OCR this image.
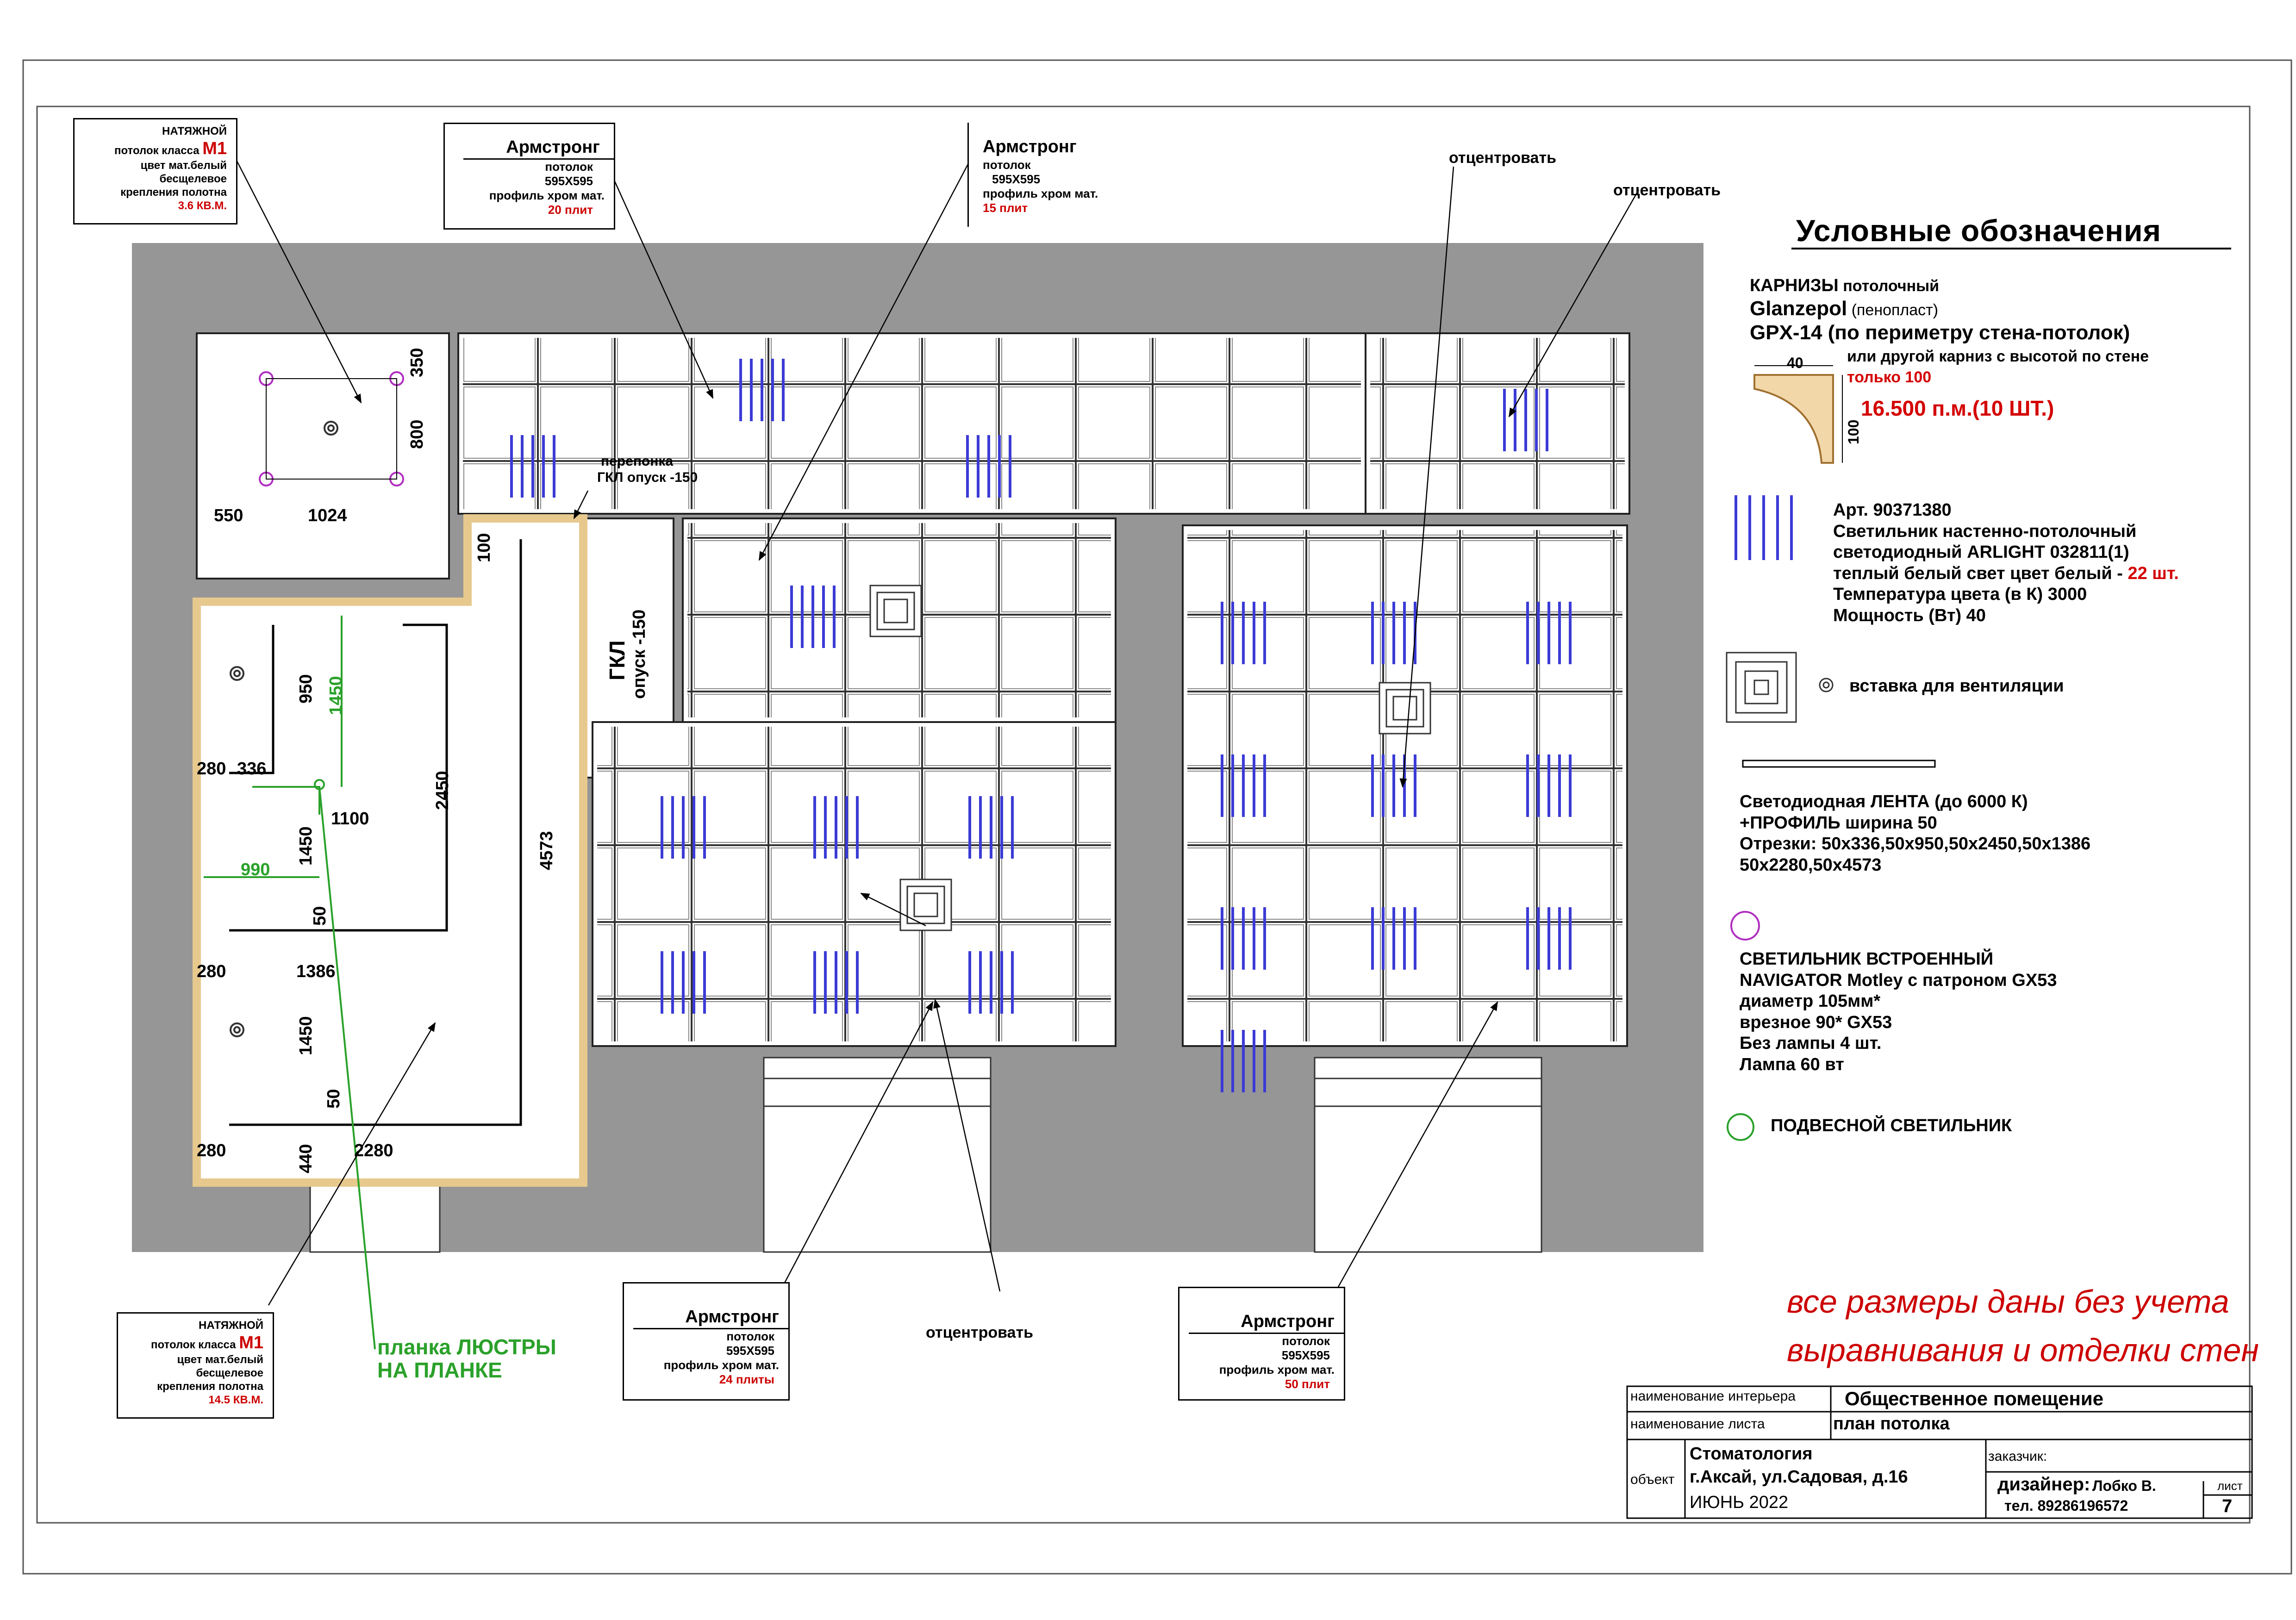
НАТЯЖНОЙ
потолок класса М1
цвет мат.белый
бесщелевое
крепления полотна
3.6 КВ.М.
НАТЯЖНОЙ
потолок класса М1
цвет мат.белый
бесщелевое
крепления полотна
14.5 КВ.М.
Армстронг
потолок
595Х595
профиль хром мат.
20 плит
Армстронг
потолок
595Х595
профиль хром мат.
15 плит
Армстронг
потолок
595Х595
профиль хром мат.
24 плиты
Армстронг
потолок
595Х595
профиль хром мат.
50 плит
отцентровать
отцентровать
отцентровать
перепонка
ГКЛ опуск -150
ГКЛ опуск -150
планка ЛЮСТРЫ
НА ПЛАНКЕ
350
800
550	1024
100
950 1450
280 336
1100
1450
990
2450
4573
50
280	1386
1450
50
280	440 2280
Условные обозначения
КАРНИЗЫ потолочный
Glanzepol (пенопласт)
GPX-14 (по периметру стена-потолок)
или другой карниз с высотой по стене
только 100
40
100
16.500 п.м.(10 ШТ.)
Арт. 90371380
Светильник настенно-потолочный
светодиодный ARLIGHT 032811(1)
теплый белый свет цвет белый - 22 шт.
Температура цвета (в К) 3000
Мощность (Вт) 40
вставка для вентиляции
Светодиодная ЛЕНТА (до 6000 К)
+ПРОФИЛЬ ширина 50
Отрезки: 50х336,50х950,50х2450,50х1386
50х2280,50х4573
СВЕТИЛЬНИК ВСТРОЕННЫЙ
NAVIGATOR Motley с патроном GX53
диаметр 105мм*
врезное 90* GX53
Без лампы 4 шт.
Лампа 60 вт
ПОДВЕСНОЙ СВЕТИЛЬНИК
все размеры даны без учета
выравнивания и отделки стен
наименование интерьера	Общественное помещение
наименование листа	план потолка
объект
Стоматология
г.Аксай, ул.Садовая, д.16
ИЮНЬ 2022
заказчик:
дизайнер: Лобко В.
тел. 89286196572
лист
7
